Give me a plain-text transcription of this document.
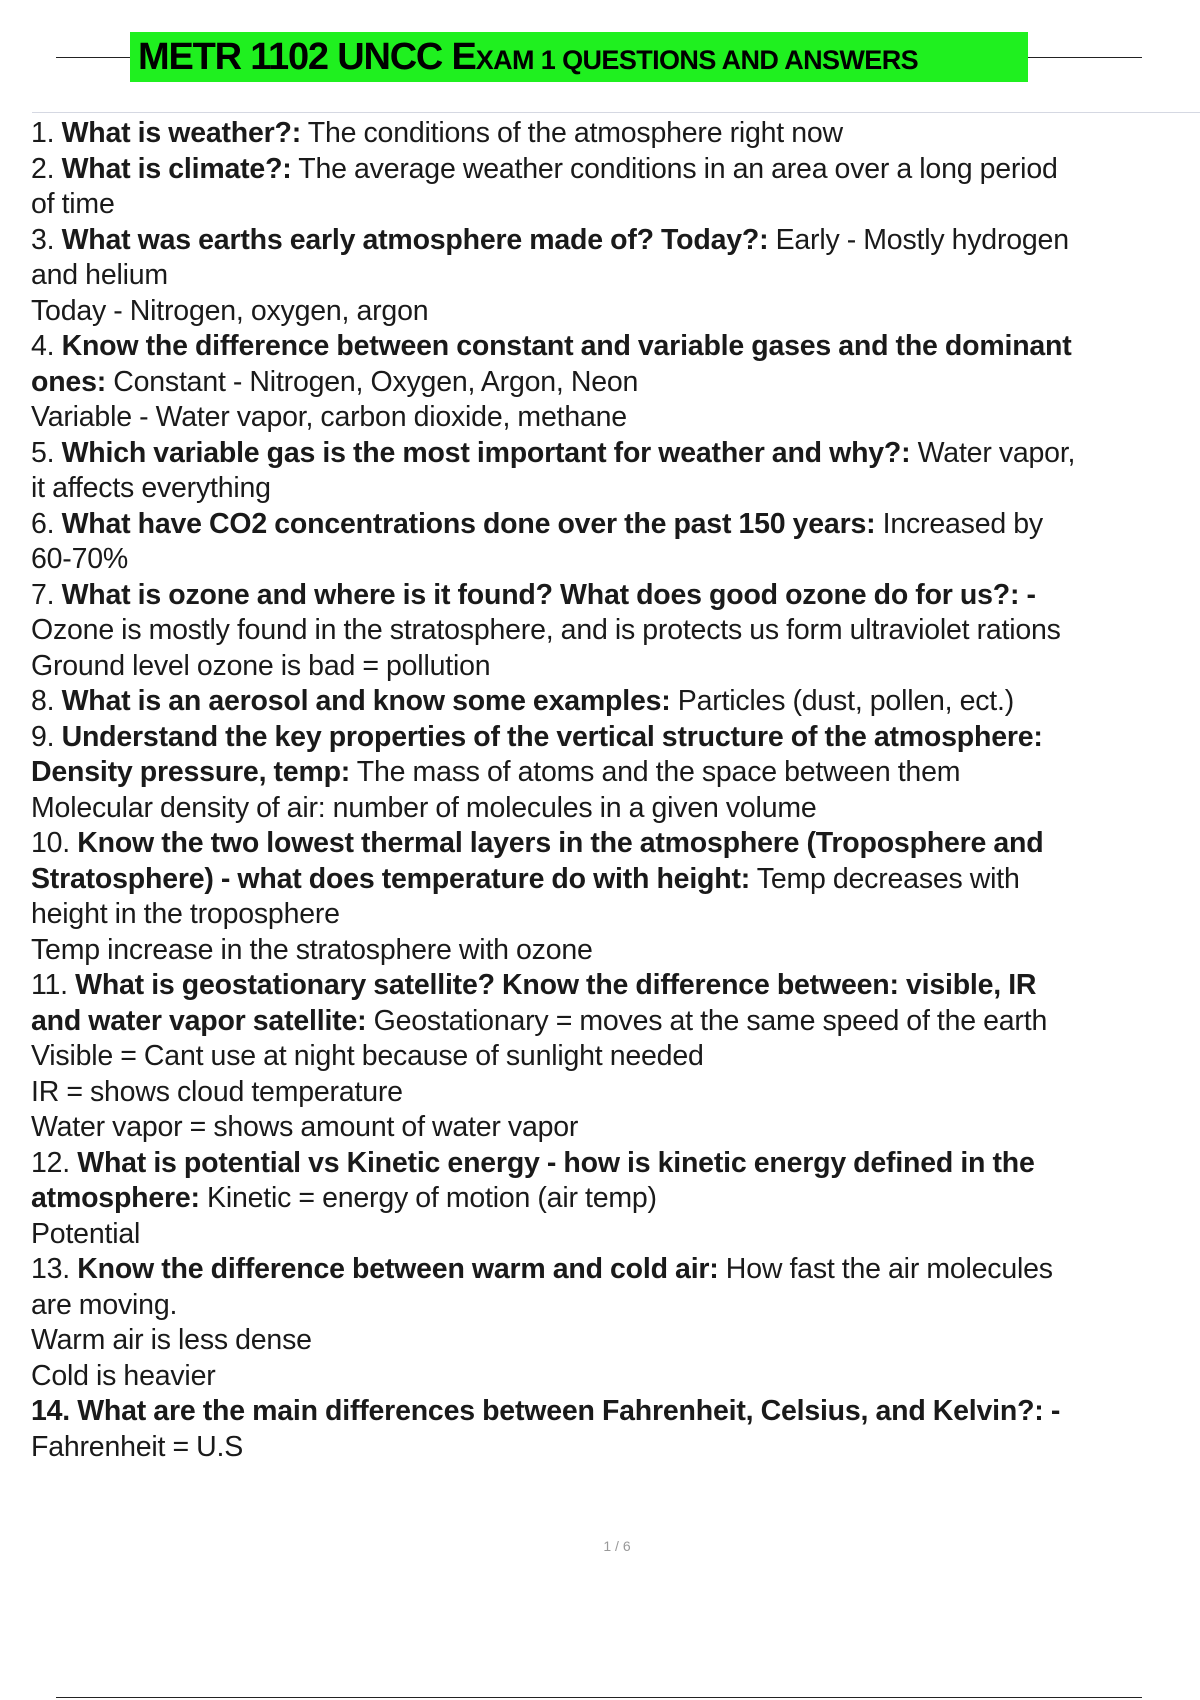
METR 1102 UNCC EXAM 1 QUESTIONS AND ANSWERS
1. What is weather?: The conditions of the atmosphere right now
2. What is climate?: The average weather conditions in an area over a long period
of time
3. What was earths early atmosphere made of? Today?: Early - Mostly hydrogen
and helium
Today - Nitrogen, oxygen, argon
4. Know the difference between constant and variable gases and the dominant
ones: Constant - Nitrogen, Oxygen, Argon, Neon
Variable - Water vapor, carbon dioxide, methane
5. Which variable gas is the most important for weather and why?: Water vapor,
it affects everything
6. What have CO2 concentrations done over the past 150 years: Increased by
60-70%
7. What is ozone and where is it found? What does good ozone do for us?: -
Ozone is mostly found in the stratosphere, and is protects us form ultraviolet rations
Ground level ozone is bad = pollution
8. What is an aerosol and know some examples: Particles (dust, pollen, ect.)
9. Understand the key properties of the vertical structure of the atmosphere:
Density pressure, temp: The mass of atoms and the space between them
Molecular density of air: number of molecules in a given volume
10. Know the two lowest thermal layers in the atmosphere (Troposphere and
Stratosphere) - what does temperature do with height: Temp decreases with
height in the troposphere
Temp increase in the stratosphere with ozone
11. What is geostationary satellite? Know the difference between: visible, IR
and water vapor satellite: Geostationary = moves at the same speed of the earth
Visible = Cant use at night because of sunlight needed
IR = shows cloud temperature
Water vapor = shows amount of water vapor
12. What is potential vs Kinetic energy - how is kinetic energy defined in the
atmosphere: Kinetic = energy of motion (air temp)
Potential
13. Know the difference between warm and cold air: How fast the air molecules
are moving.
Warm air is less dense
Cold is heavier
14. What are the main differences between Fahrenheit, Celsius, and Kelvin?: -
Fahrenheit = U.S
1 / 6
